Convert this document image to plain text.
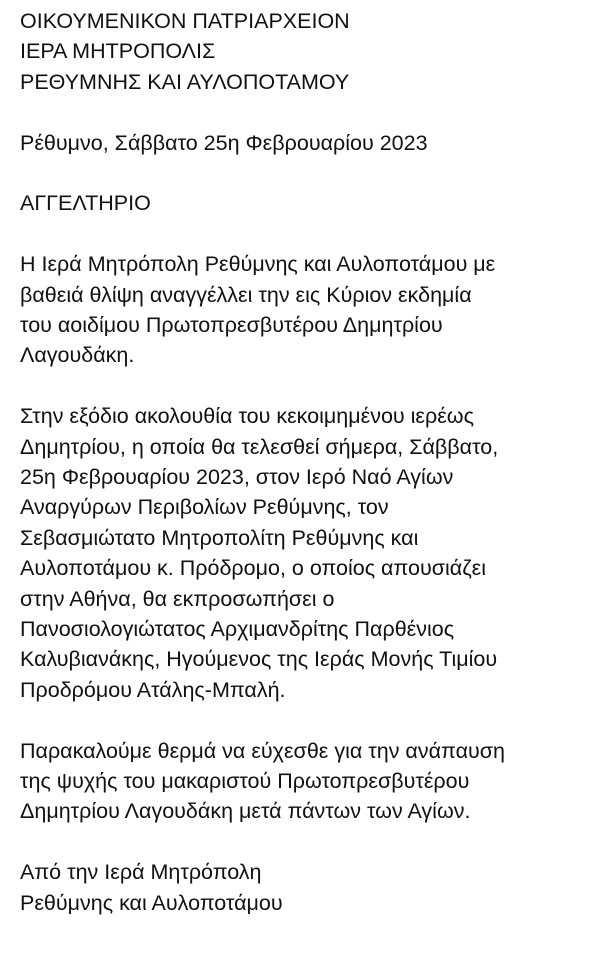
ΟΙΚΟΥΜΕΝΙΚΟΝ ΠΑΤΡΙΑΡΧΕΙΟΝ
ΙΕΡΑ ΜΗΤΡΟΠΟΛΙΣ
ΡΕΘΥΜΝΗΣ ΚΑΙ ΑΥΛΟΠΟΤΑΜΟΥ
Ρέθυμνο, Σάββατο 25η Φεβρουαρίου 2023
ΑΓΓΕΛΤΗΡΙΟ
Η Ιερά Μητρόπολη Ρεθύμνης και Αυλοποτάμου με
βαθειά θλίψη αναγγέλλει την εις Κύριον εκδημία
του αοιδίμου Πρωτοπρεσβυτέρου Δημητρίου
Λαγουδάκη.
Στην εξόδιο ακολουθία του κεκοιμημένου ιερέως
Δημητρίου, η οποία θα τελεσθεί σήμερα, Σάββατο,
25η Φεβρουαρίου 2023, στον Ιερό Ναό Αγίων
Αναργύρων Περιβολίων Ρεθύμνης, τον
Σεβασμιώτατο Μητροπολίτη Ρεθύμνης και
Αυλοποτάμου κ. Πρόδρομο, ο οποίος απουσιάζει
στην Αθήνα, θα εκπροσωπήσει ο
Πανοσιολογιώτατος Αρχιμανδρίτης Παρθένιος
Καλυβιανάκης, Ηγούμενος της Ιεράς Μονής Τιμίου
Προδρόμου Ατάλης-Μπαλή.
Παρακαλούμε θερμά να εύχεσθε για την ανάπαυση
της ψυχής του μακαριστού Πρωτοπρεσβυτέρου
Δημητρίου Λαγουδάκη μετά πάντων των Αγίων.
Από την Ιερά Μητρόπολη
Ρεθύμνης και Αυλοποτάμου
